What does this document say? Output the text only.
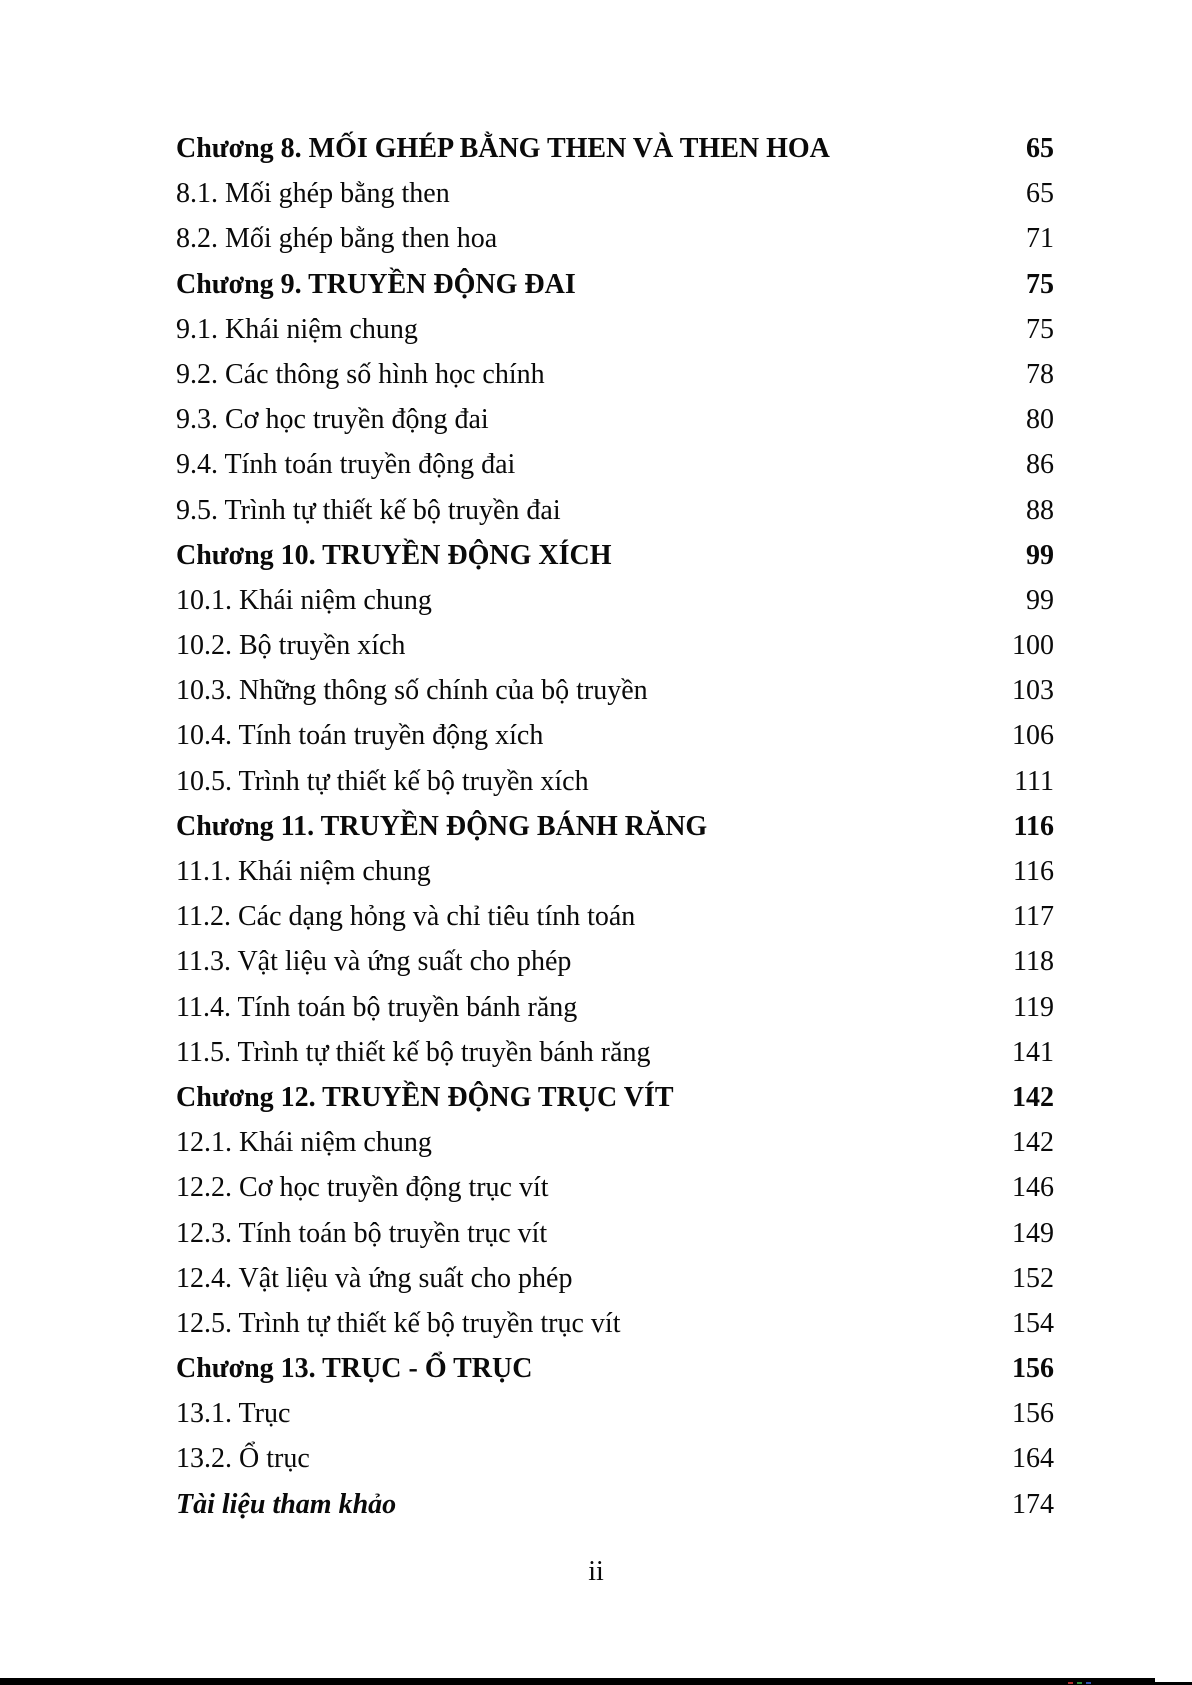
Chương 8. MỐI GHÉP BẰNG THEN VÀ THEN HOA	65
8.1. Mối ghép bằng then	65
8.2. Mối ghép bằng then hoa	71
Chương 9. TRUYỀN ĐỘNG ĐAI	75
9.1. Khái niệm chung	75
9.2. Các thông số hình học chính	78
9.3. Cơ học truyền động đai	80
9.4. Tính toán truyền động đai	86
9.5. Trình tự thiết kế bộ truyền đai	88
Chương 10. TRUYỀN ĐỘNG XÍCH	99
10.1. Khái niệm chung	99
10.2. Bộ truyền xích	100
10.3. Những thông số chính của bộ truyền	103
10.4. Tính toán truyền động xích	106
10.5. Trình tự thiết kế bộ truyền xích	111
Chương 11. TRUYỀN ĐỘNG BÁNH RĂNG	116
11.1. Khái niệm chung	116
11.2. Các dạng hỏng và chỉ tiêu tính toán	117
11.3. Vật liệu và ứng suất cho phép	118
11.4. Tính toán bộ truyền bánh răng	119
11.5. Trình tự thiết kế bộ truyền bánh răng	141
Chương 12. TRUYỀN ĐỘNG TRỤC VÍT	142
12.1. Khái niệm chung	142
12.2. Cơ học truyền động trục vít	146
12.3. Tính toán bộ truyền trục vít	149
12.4. Vật liệu và ứng suất cho phép	152
12.5. Trình tự thiết kế bộ truyền trục vít	154
Chương 13. TRỤC - Ổ TRỤC	156
13.1. Trục	156
13.2. Ổ trục	164
Tài liệu tham khảo	174
ii
